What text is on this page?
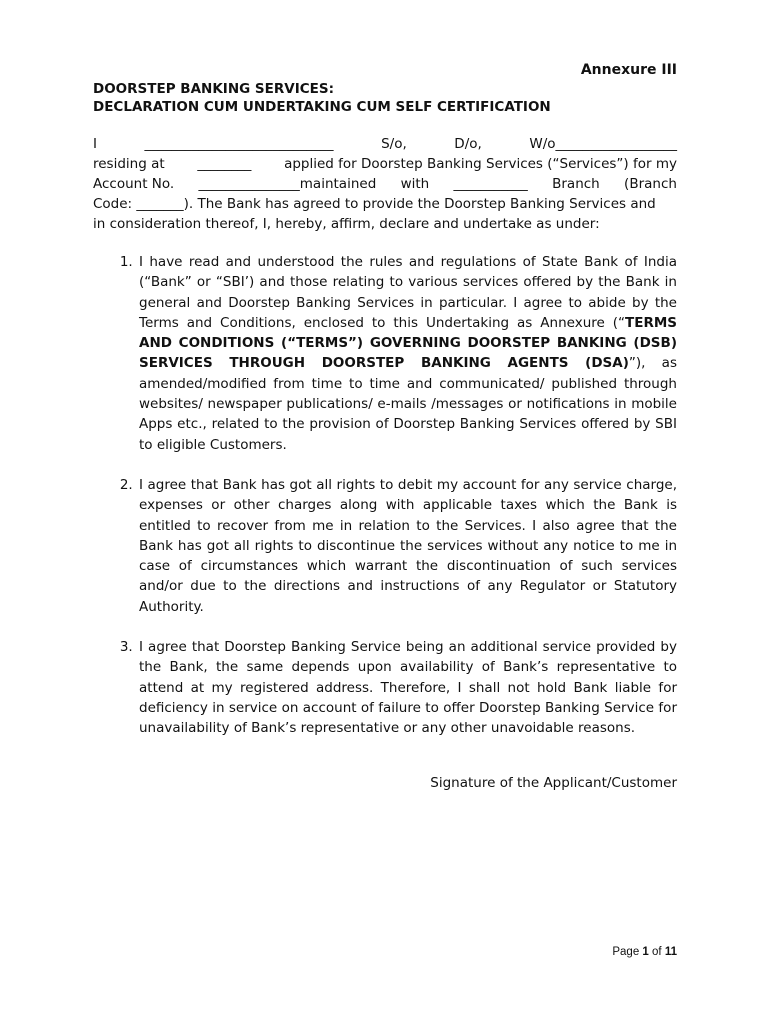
Annexure III
DOORSTEP BANKING SERVICES:
DECLARATION CUM UNDERTAKING CUM SELF CERTIFICATION
I	____________________________	S/o,	D/o,	W/o__________________
residing at ________ applied for Doorstep Banking Services (“Services”) for my
Account No. _______________maintained with ___________ Branch (Branch
Code: _______). The Bank has agreed to provide the Doorstep Banking Services and
in consideration thereof, I, hereby, affirm, declare and undertake as under:
1. I have read and understood the rules and regulations of State Bank of India (“Bank” or “SBI’) and those relating to various services offered by the Bank in general and Doorstep Banking Services in particular. I agree to abide by the Terms and Conditions, enclosed to this Undertaking as Annexure (“TERMS AND CONDITIONS (“TERMS”) GOVERNING DOORSTEP BANKING (DSB) SERVICES THROUGH DOORSTEP BANKING AGENTS (DSA)”), as amended/modified from time to time and communicated/ published through websites/ newspaper publications/ e-mails /messages or notifications in mobile Apps etc., related to the provision of Doorstep Banking Services offered by SBI to eligible Customers.
2. I agree that Bank has got all rights to debit my account for any service charge, expenses or other charges along with applicable taxes which the Bank is entitled to recover from me in relation to the Services. I also agree that the Bank has got all rights to discontinue the services without any notice to me in case of circumstances which warrant the discontinuation of such services and/or due to the directions and instructions of any Regulator or Statutory Authority.
3. I agree that Doorstep Banking Service being an additional service provided by the Bank, the same depends upon availability of Bank’s representative to attend at my registered address. Therefore, I shall not hold Bank liable for deficiency in service on account of failure to offer Doorstep Banking Service for unavailability of Bank’s representative or any other unavoidable reasons.
Signature of the Applicant/Customer
Page 1 of 11
